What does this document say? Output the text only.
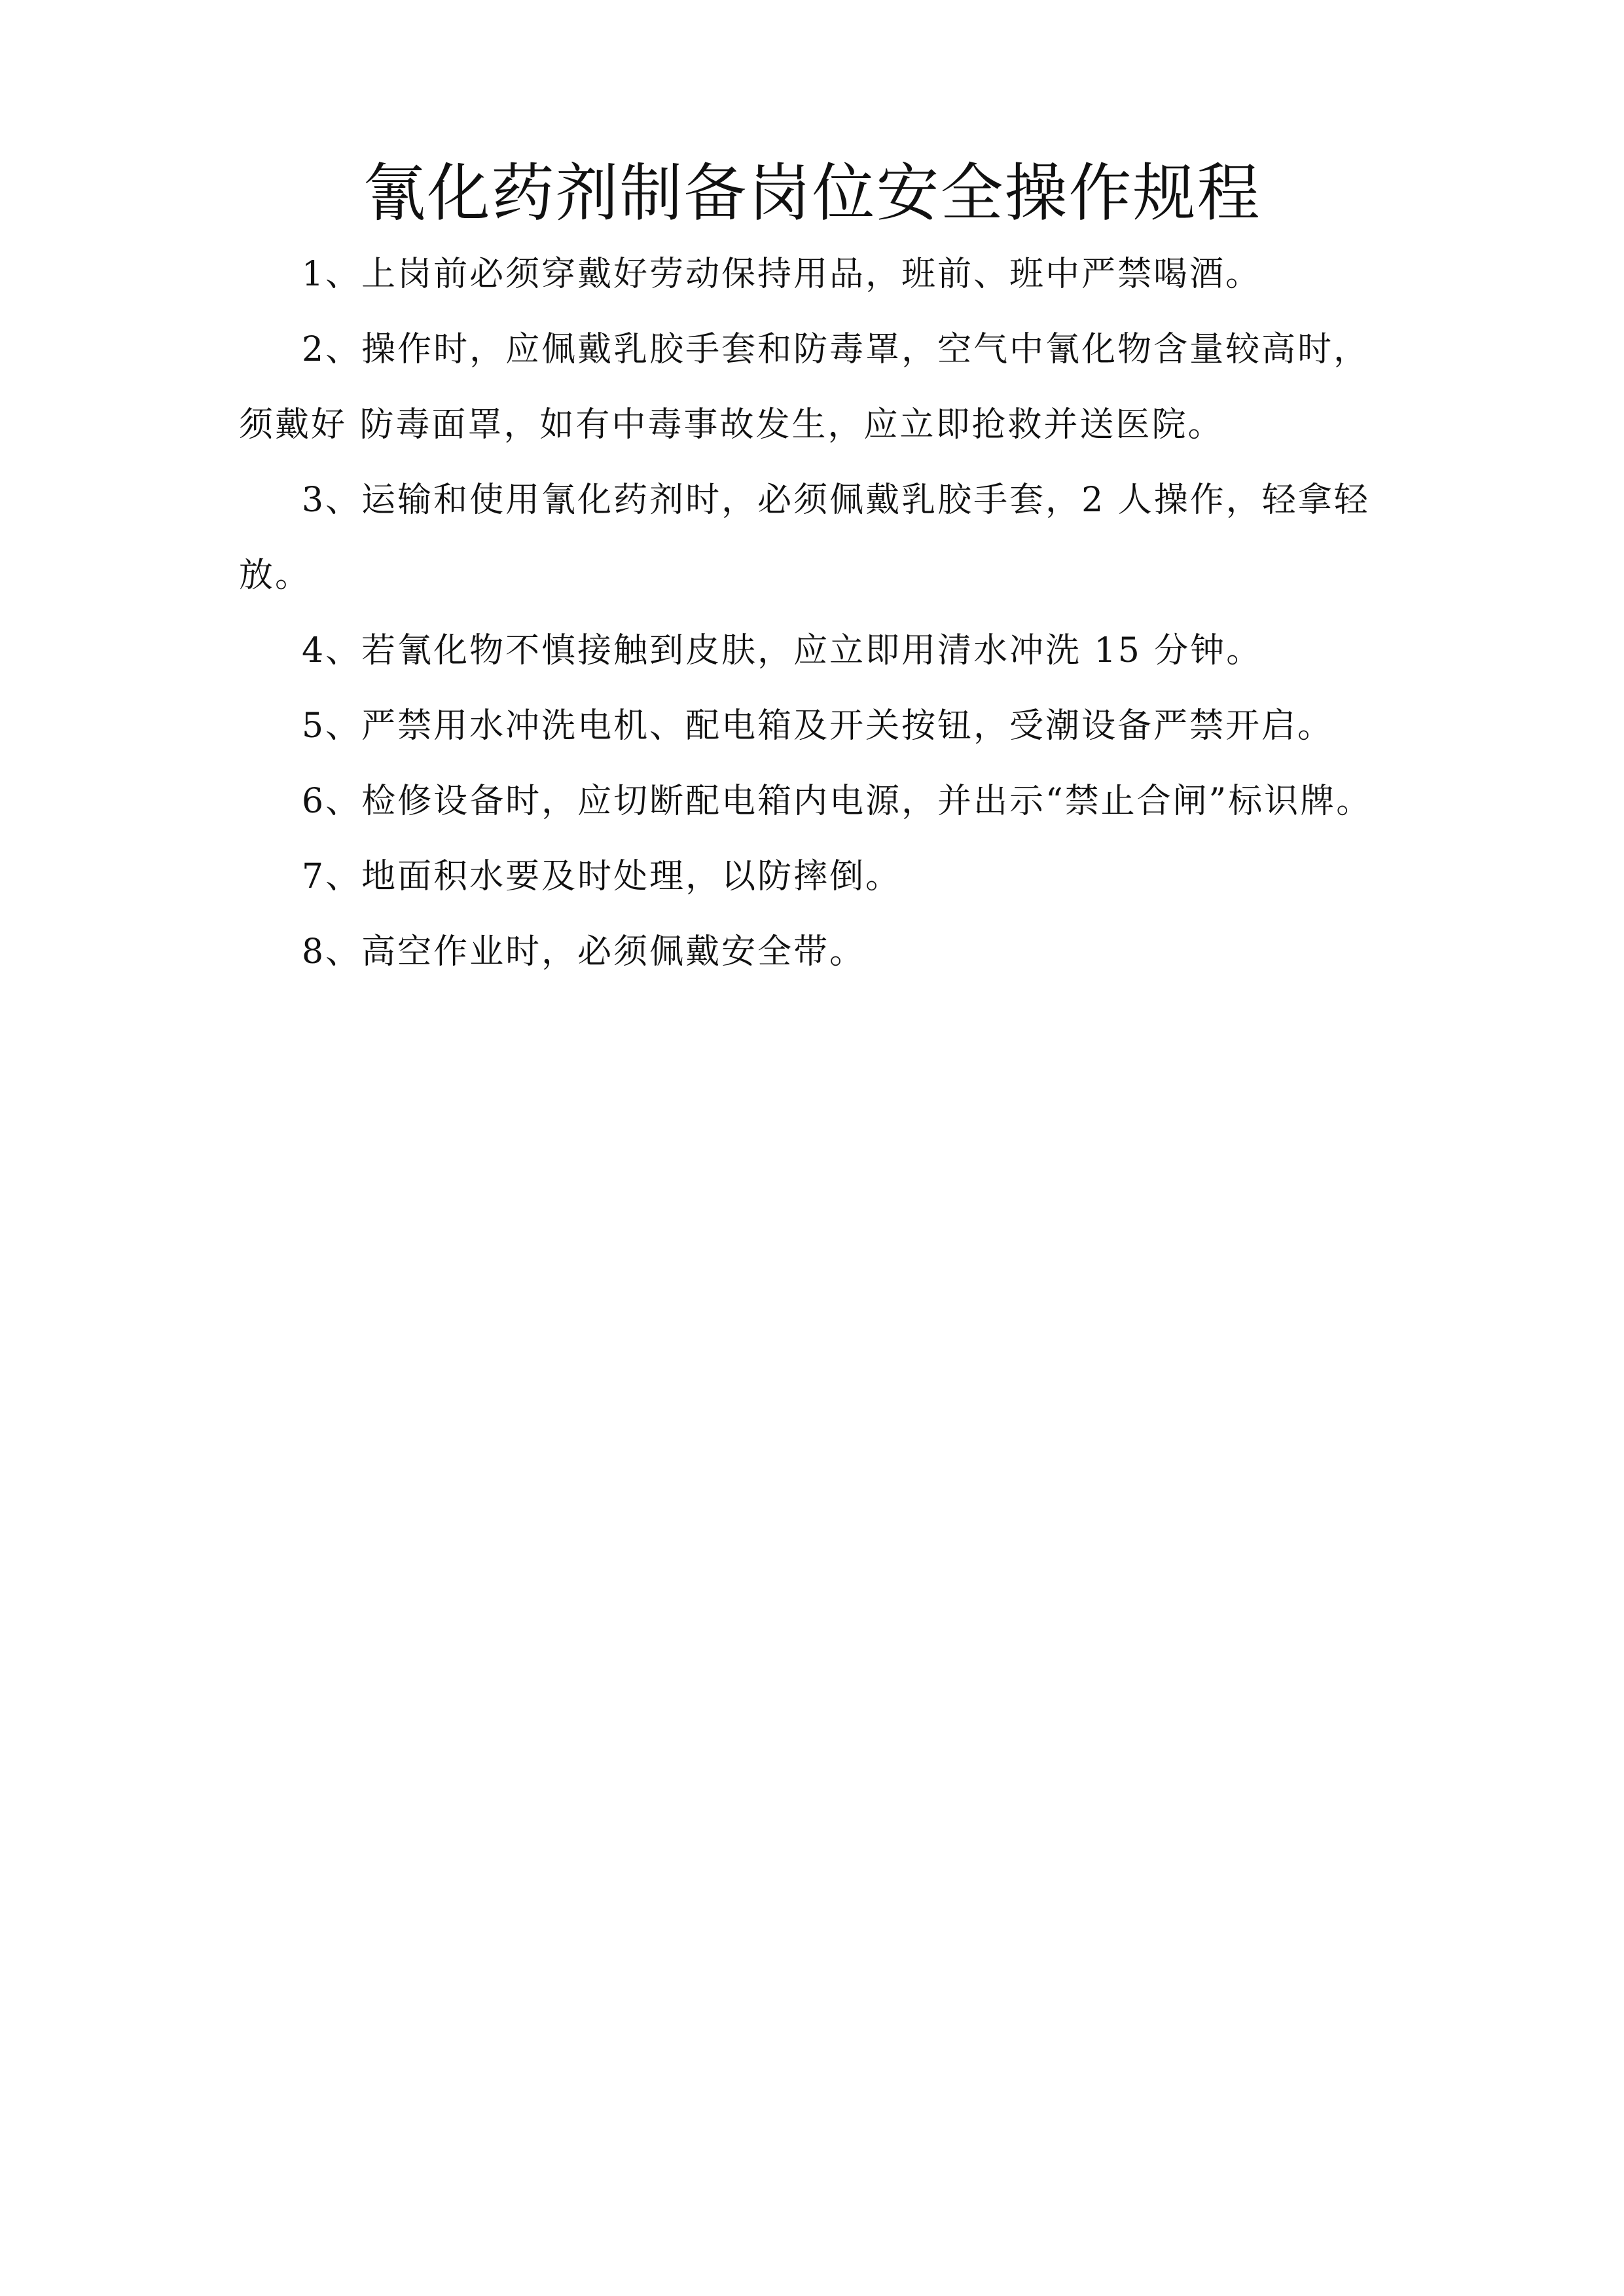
氰化药剂制备岗位安全操作规程

1、上岗前必须穿戴好劳动保持用品，班前、班中严禁喝酒。

2、操作时，应佩戴乳胶手套和防毒罩，空气中氰化物含量较高时，须戴好 防毒面罩，如有中毒事故发生，应立即抢救并送医院。

3、运输和使用氰化药剂时，必须佩戴乳胶手套，2 人操作，轻拿轻放。

4、若氰化物不慎接触到皮肤，应立即用清水冲洗 15 分钟。

5、严禁用水冲洗电机、配电箱及开关按钮，受潮设备严禁开启。

6、检修设备时，应切断配电箱内电源，并出示“禁止合闸”标识牌。

7、地面积水要及时处理，以防摔倒。

8、高空作业时，必须佩戴安全带。
